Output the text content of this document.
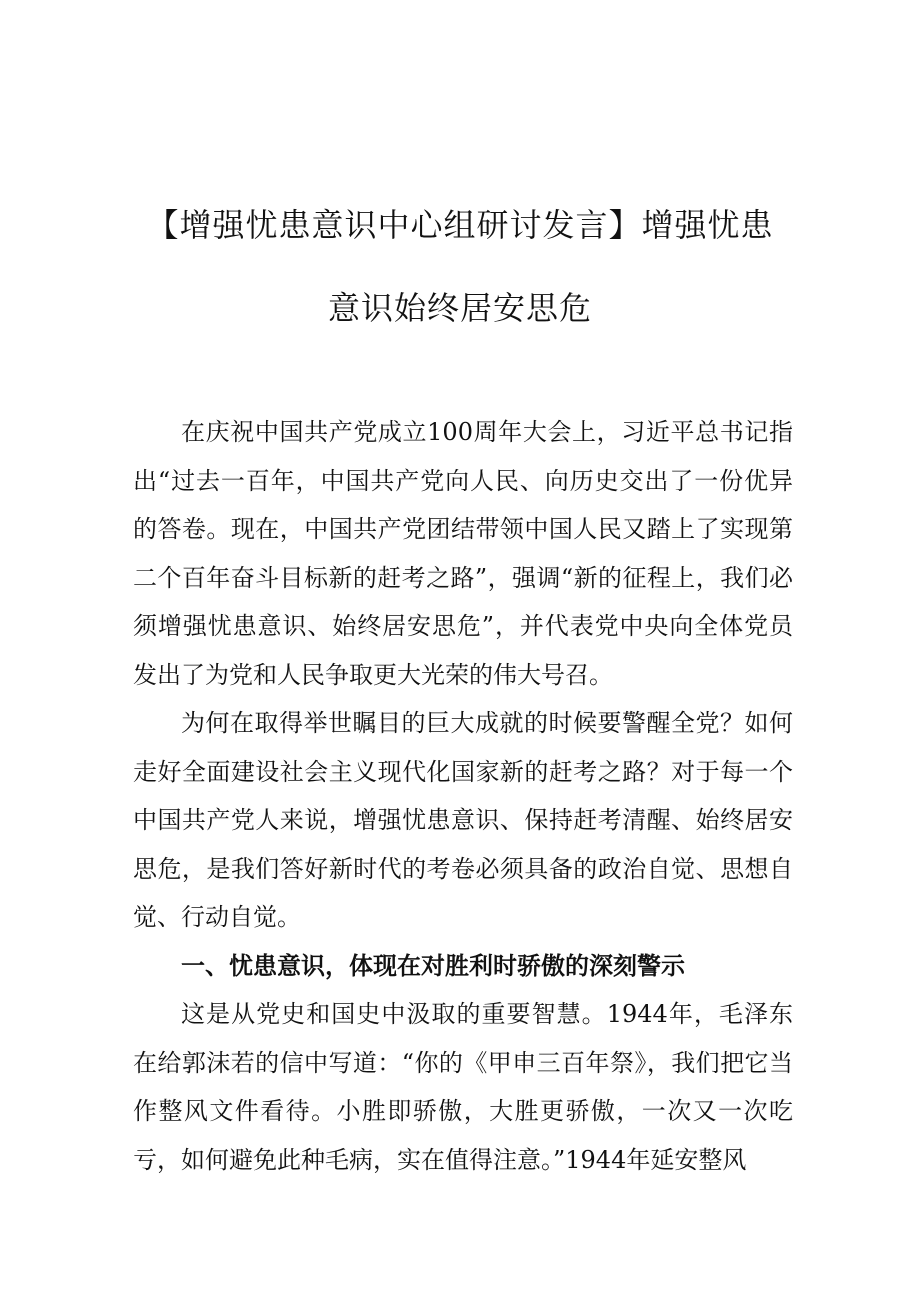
【增强忧患意识中心组研讨发言】增强忧患
意识始终居安思危

在庆祝中国共产党成立100周年大会上，习近平总书记指出“过去一百年，中国共产党向人民、向历史交出了一份优异的答卷。现在，中国共产党团结带领中国人民又踏上了实现第二个百年奋斗目标新的赶考之路”，强调“新的征程上，我们必须增强忧患意识、始终居安思危”，并代表党中央向全体党员发出了为党和人民争取更大光荣的伟大号召。

为何在取得举世瞩目的巨大成就的时候要警醒全党？如何走好全面建设社会主义现代化国家新的赶考之路？对于每一个中国共产党人来说，增强忧患意识、保持赶考清醒、始终居安思危，是我们答好新时代的考卷必须具备的政治自觉、思想自觉、行动自觉。

一、忧患意识，体现在对胜利时骄傲的深刻警示

这是从党史和国史中汲取的重要智慧。1944年，毛泽东在给郭沫若的信中写道：“你的《甲申三百年祭》，我们把它当作整风文件看待。小胜即骄傲，大胜更骄傲，一次又一次吃亏，如何避免此种毛病，实在值得注意。”1944年延安整风
